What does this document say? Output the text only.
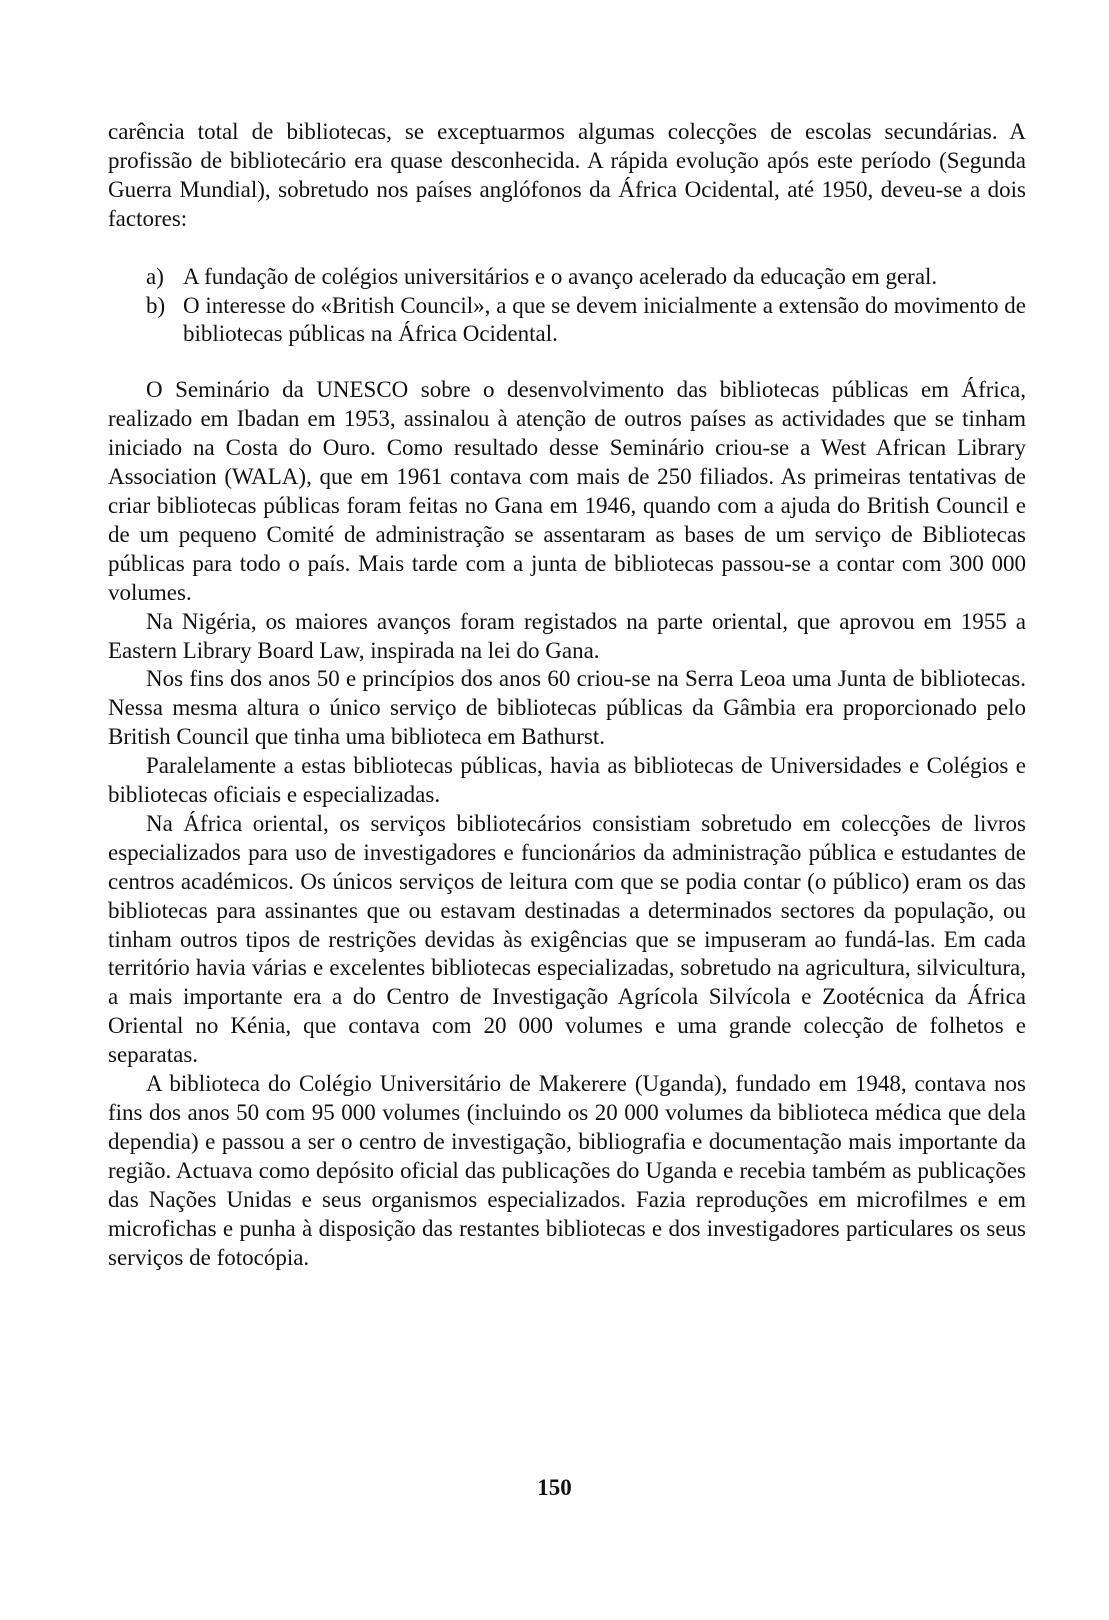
carência total de bibliotecas, se exceptuarmos algumas colecções de escolas secundárias. A profissão de bibliotecário era quase desconhecida. A rápida evolução após este período (Segunda Guerra Mundial), sobretudo nos países anglófonos da África Ocidental, até 1950, deveu-se a dois factores:

a) A fundação de colégios universitários e o avanço acelerado da educação em geral.
b) O interesse do «British Council», a que se devem inicialmente a extensão do movimento de bibliotecas públicas na África Ocidental.

O Seminário da UNESCO sobre o desenvolvimento das bibliotecas públicas em África, realizado em Ibadan em 1953, assinalou à atenção de outros países as actividades que se tinham iniciado na Costa do Ouro. Como resultado desse Seminário criou-se a West African Library Association (WALA), que em 1961 contava com mais de 250 filiados. As primeiras tentativas de criar bibliotecas públicas foram feitas no Gana em 1946, quando com a ajuda do British Council e de um pequeno Comité de administração se assentaram as bases de um serviço de Bibliotecas públicas para todo o país. Mais tarde com a junta de bibliotecas passou-se a contar com 300 000 volumes.

Na Nigéria, os maiores avanços foram registados na parte oriental, que aprovou em 1955 a Eastern Library Board Law, inspirada na lei do Gana.

Nos fins dos anos 50 e princípios dos anos 60 criou-se na Serra Leoa uma Junta de bibliotecas. Nessa mesma altura o único serviço de bibliotecas públicas da Gâmbia era proporcionado pelo British Council que tinha uma biblioteca em Bathurst.

Paralelamente a estas bibliotecas públicas, havia as bibliotecas de Universidades e Colégios e bibliotecas oficiais e especializadas.

Na África oriental, os serviços bibliotecários consistiam sobretudo em colecções de livros especializados para uso de investigadores e funcionários da administração pública e estudantes de centros académicos. Os únicos serviços de leitura com que se podia contar (o público) eram os das bibliotecas para assinantes que ou estavam destinadas a determinados sectores da população, ou tinham outros tipos de restrições devidas às exigências que se impuseram ao fundá-las. Em cada território havia várias e excelentes bibliotecas especializadas, sobretudo na agricultura, silvicultura, a mais importante era a do Centro de Investigação Agrícola Silvícola e Zootécnica da África Oriental no Kénia, que contava com 20 000 volumes e uma grande colecção de folhetos e separatas.

A biblioteca do Colégio Universitário de Makerere (Uganda), fundado em 1948, contava nos fins dos anos 50 com 95 000 volumes (incluindo os 20 000 volumes da biblioteca médica que dela dependia) e passou a ser o centro de investigação, bibliografia e documentação mais importante da região. Actuava como depósito oficial das publicações do Uganda e recebia também as publicações das Nações Unidas e seus organismos especializados. Fazia reproduções em microfilmes e em microfichas e punha à disposição das restantes bibliotecas e dos investigadores particulares os seus serviços de fotocópia.

150
